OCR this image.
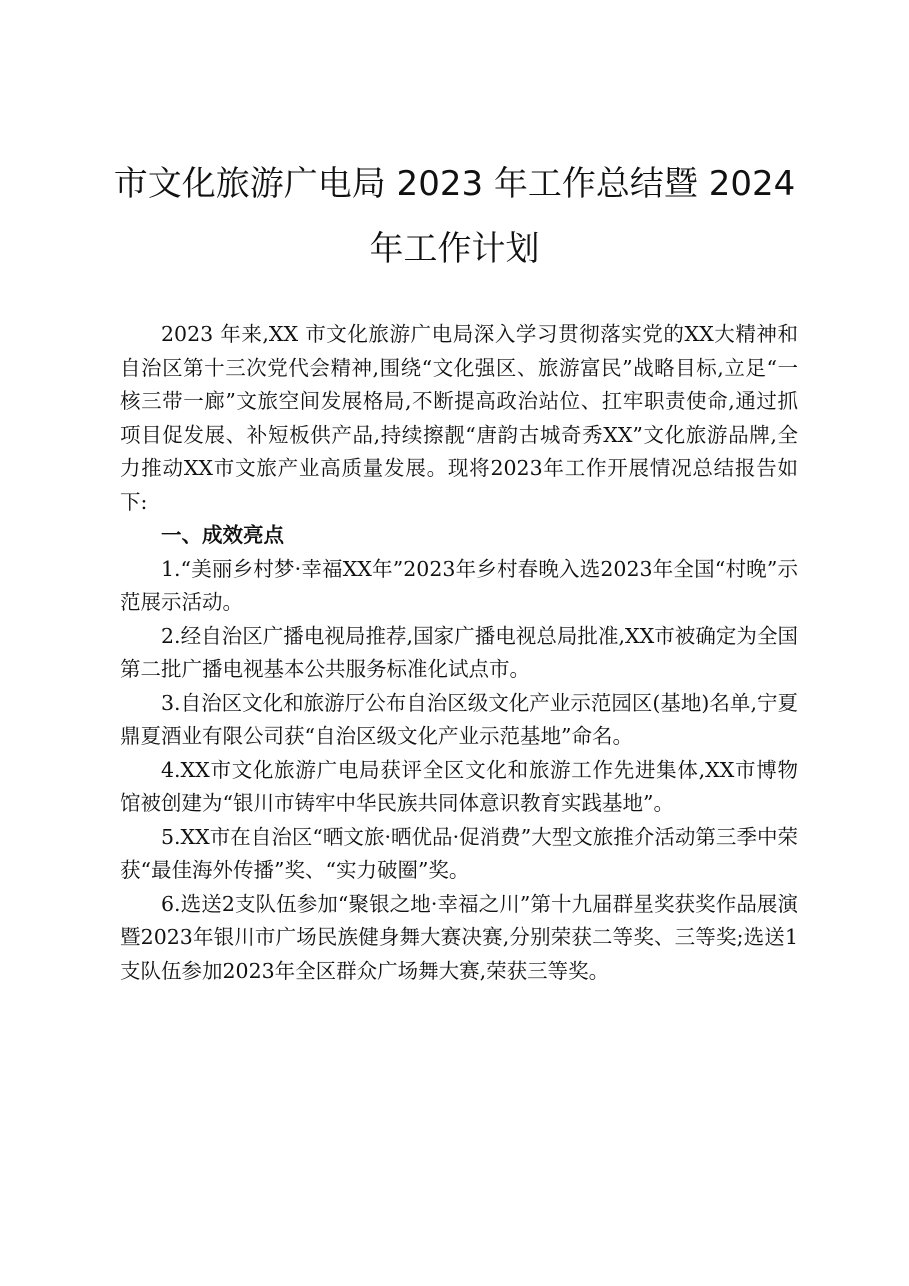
市文化旅游广电局 2023 年工作总结暨 2024
年工作计划

2023 年来,XX 市文化旅游广电局深入学习贯彻落实党的XX大精神和自治区第十三次党代会精神,围绕“文化强区、旅游富民”战略目标,立足“一核三带一廊”文旅空间发展格局,不断提高政治站位、扛牢职责使命,通过抓项目促发展、补短板供产品,持续擦靓“唐韵古城奇秀XX”文化旅游品牌,全力推动XX市文旅产业高质量发展。现将2023年工作开展情况总结报告如下:

一、成效亮点

1.“美丽乡村梦·幸福XX年”2023年乡村春晚入选2023年全国“村晚”示范展示活动。

2.经自治区广播电视局推荐,国家广播电视总局批准,XX市被确定为全国第二批广播电视基本公共服务标准化试点市。

3.自治区文化和旅游厅公布自治区级文化产业示范园区(基地)名单,宁夏鼎夏酒业有限公司获“自治区级文化产业示范基地”命名。

4.XX市文化旅游广电局获评全区文化和旅游工作先进集体,XX市博物馆被创建为“银川市铸牢中华民族共同体意识教育实践基地”。

5.XX市在自治区“晒文旅·晒优品·促消费”大型文旅推介活动第三季中荣获“最佳海外传播”奖、“实力破圈”奖。

6.选送2支队伍参加“聚银之地·幸福之川”第十九届群星奖获奖作品展演暨2023年银川市广场民族健身舞大赛决赛,分别荣获二等奖、三等奖;选送1支队伍参加2023年全区群众广场舞大赛,荣获三等奖。
